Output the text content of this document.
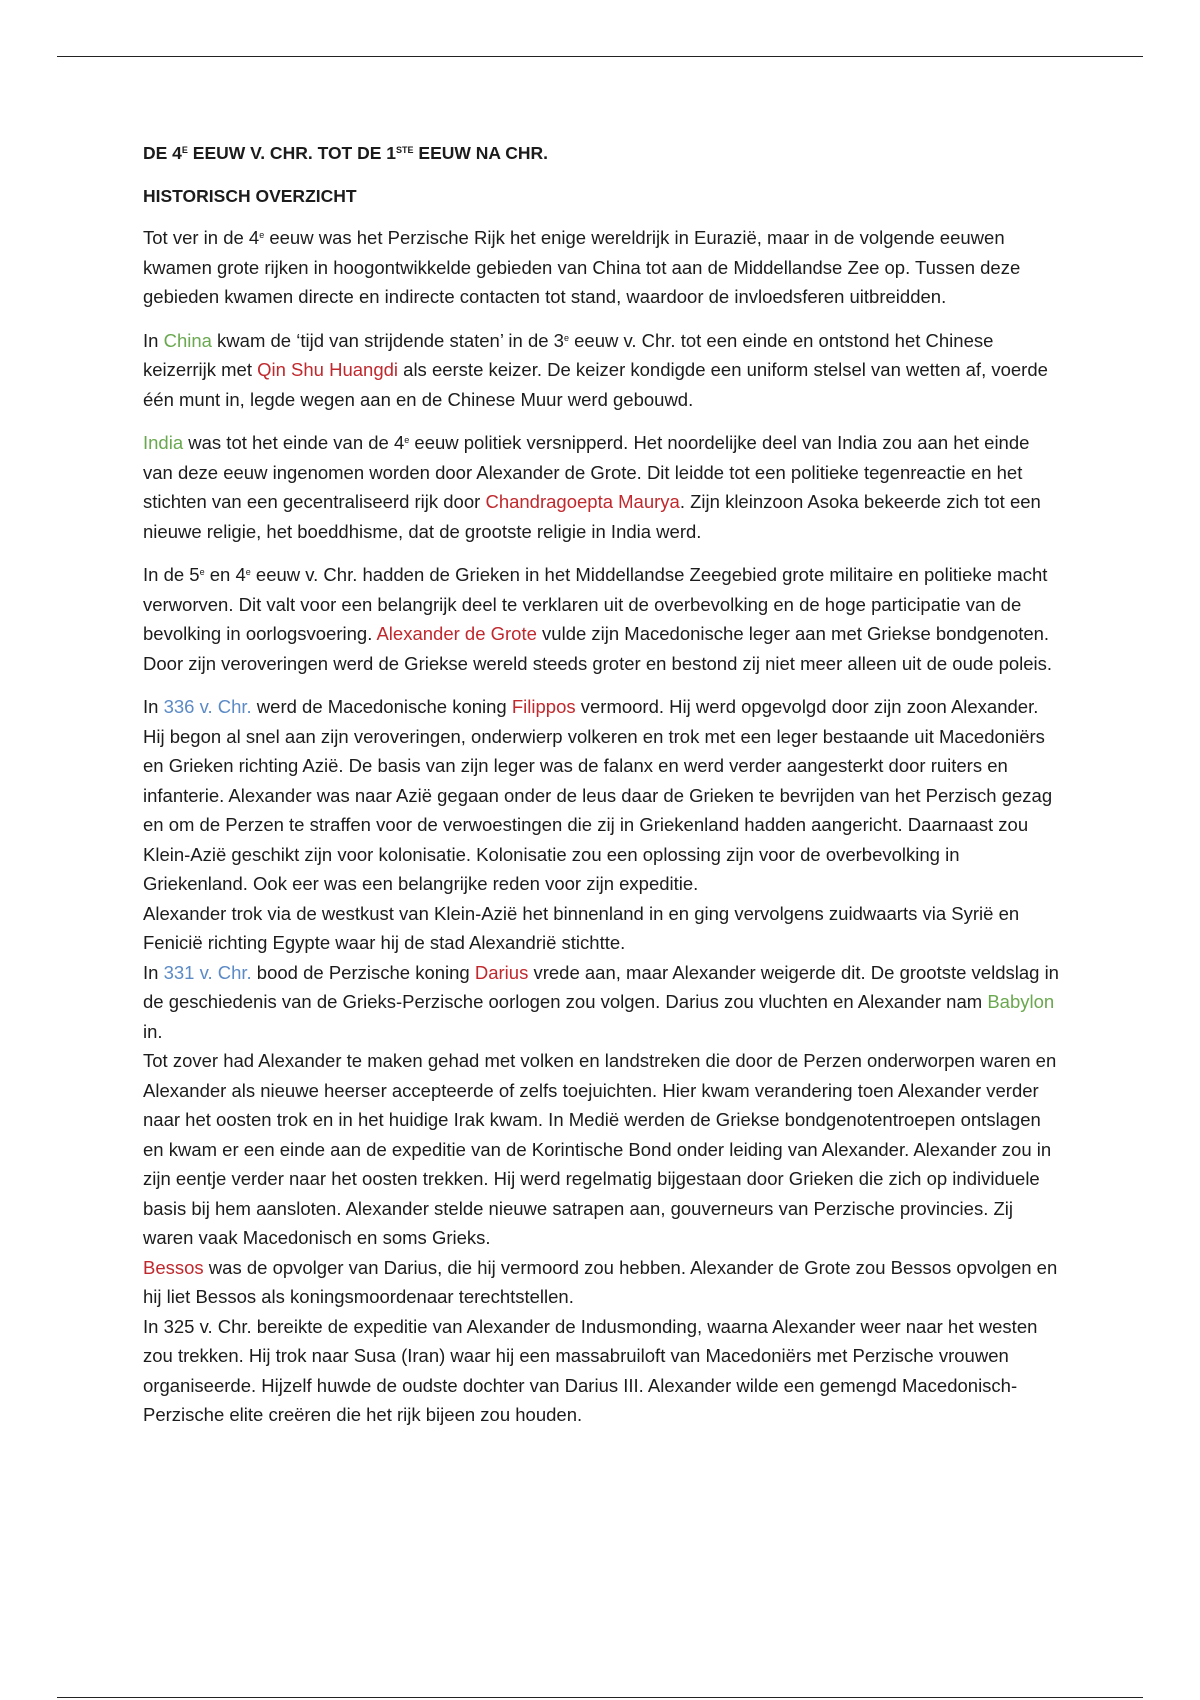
DE $4^E$ EEUW V. CHR. TOT DE 1STE EEUW NA CHR.
HISTORISCH OVERZICHT

Tot ver in de 4e eeuw was het Perzische Rijk het enige wereldrijk in Eurazië, maar in de volgende eeuwen kwamen grote rijken in hoogontwikkelde gebieden van China tot aan de Middellandse Zee op. Tussen deze gebieden kwamen directe en indirecte contacten tot stand, waardoor de invloedsferen uitbreidden.

In China kwam de ‘tijd van strijdende staten’ in de 3e eeuw v. Chr. tot een einde en ontstond het Chinese keizerrijk met Qin Shu Huangdi als eerste keizer. De keizer kondigde een uniform stelsel van wetten af, voerde één munt in, legde wegen aan en de Chinese Muur werd gebouwd.

India was tot het einde van de 4e eeuw politiek versnipperd. Het noordelijke deel van India zou aan het einde van deze eeuw ingenomen worden door Alexander de Grote. Dit leidde tot een politieke tegenreactie en het stichten van een gecentraliseerd rijk door Chandragoepta Maurya. Zijn kleinzoon Asoka bekeerde zich tot een nieuwe religie, het boeddhisme, dat de grootste religie in India werd.

In de 5e en 4e eeuw v. Chr. hadden de Grieken in het Middellandse Zeegebied grote militaire en politieke macht verworven. Dit valt voor een belangrijk deel te verklaren uit de overbevolking en de hoge participatie van de bevolking in oorlogsvoering. Alexander de Grote vulde zijn Macedonische leger aan met Griekse bondgenoten. Door zijn veroveringen werd de Griekse wereld steeds groter en bestond zij niet meer alleen uit de oude poleis.

In 336 v. Chr. werd de Macedonische koning Filippos vermoord. Hij werd opgevolgd door zijn zoon Alexander. Hij begon al snel aan zijn veroveringen, onderwierp volkeren en trok met een leger bestaande uit Macedoniërs en Grieken richting Azië. De basis van zijn leger was de falanx en werd verder aangesterkt door ruiters en infanterie. Alexander was naar Azië gegaan onder de leus daar de Grieken te bevrijden van het Perzisch gezag en om de Perzen te straffen voor de verwoestingen die zij in Griekenland hadden aangericht. Daarnaast zou Klein-Azië geschikt zijn voor kolonisatie. Kolonisatie zou een oplossing zijn voor de overbevolking in Griekenland. Ook eer was een belangrijke reden voor zijn expeditie.
Alexander trok via de westkust van Klein-Azië het binnenland in en ging vervolgens zuidwaarts via Syrië en Fenicië richting Egypte waar hij de stad Alexandrië stichtte.
In 331 v. Chr. bood de Perzische koning Darius vrede aan, maar Alexander weigerde dit. De grootste veldslag in de geschiedenis van de Grieks-Perzische oorlogen zou volgen. Darius zou vluchten en Alexander nam Babylon in.
Tot zover had Alexander te maken gehad met volken en landstreken die door de Perzen onderworpen waren en Alexander als nieuwe heerser accepteerde of zelfs toejuichten. Hier kwam verandering toen Alexander verder naar het oosten trok en in het huidige Irak kwam. In Medië werden de Griekse bondgenotentroepen ontslagen en kwam er een einde aan de expeditie van de Korintische Bond onder leiding van Alexander. Alexander zou in zijn eentje verder naar het oosten trekken. Hij werd regelmatig bijgestaan door Grieken die zich op individuele basis bij hem aansloten. Alexander stelde nieuwe satrapen aan, gouverneurs van Perzische provincies. Zij waren vaak Macedonisch en soms Grieks.
Bessos was de opvolger van Darius, die hij vermoord zou hebben. Alexander de Grote zou Bessos opvolgen en hij liet Bessos als koningsmoordenaar terechtstellen.
In 325 v. Chr. bereikte de expeditie van Alexander de Indusmonding, waarna Alexander weer naar het westen zou trekken. Hij trok naar Susa (Iran) waar hij een massabruiloft van Macedoniërs met Perzische vrouwen organiseerde. Hijzelf huwde de oudste dochter van Darius III. Alexander wilde een gemengd Macedonisch-Perzische elite creëren die het rijk bijeen zou houden.
